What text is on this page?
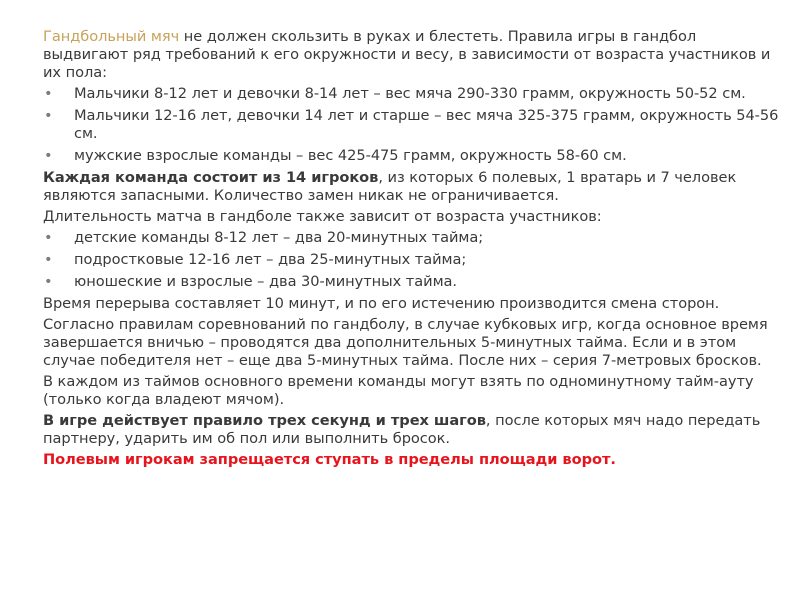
Гандбольный мяч не должен скользить в руках и блестеть. Правила игры в гандбол выдвигают ряд требований к его окружности и весу, в зависимости от возраста участников и их пола:
• Мальчики 8-12 лет и девочки 8-14 лет – вес мяча 290-330 грамм, окружность 50-52 см.
• Мальчики 12-16 лет, девочки 14 лет и старше – вес мяча 325-375 грамм, окружность 54-56 см.
• мужские взрослые команды – вес 425-475 грамм, окружность 58-60 см.
Каждая команда состоит из 14 игроков, из которых 6 полевых, 1 вратарь и 7 человек являются запасными. Количество замен никак не ограничивается.
Длительность матча в гандболе также зависит от возраста участников:
• детские команды 8-12 лет – два 20-минутных тайма;
• подростковые 12-16 лет – два 25-минутных тайма;
• юношеские и взрослые – два 30-минутных тайма.
Время перерыва составляет 10 минут, и по его истечению производится смена сторон.
Согласно правилам соревнований по гандболу, в случае кубковых игр, когда основное время завершается вничью – проводятся два дополнительных 5-минутных тайма. Если и в этом случае победителя нет – еще два 5-минутных тайма. После них – серия 7-метровых бросков.
В каждом из таймов основного времени команды могут взять по одноминутному тайм-ауту (только когда владеют мячом).
В игре действует правило трех секунд и трех шагов, после которых мяч надо передать партнеру, ударить им об пол или выполнить бросок.
Полевым игрокам запрещается ступать в пределы площади ворот.
